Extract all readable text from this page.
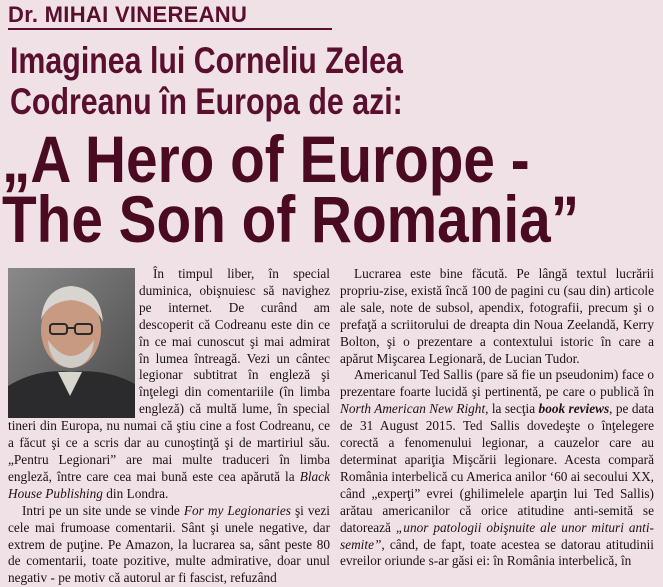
Dr. MIHAI VINEREANU
Imaginea lui Corneliu Zelea
Codreanu în Europa de azi:
„A Hero of Europe -
The Son of Romania”

În timpul liber, în special duminica, obişnuiesc să navighez pe internet. De curând am descoperit că Codreanu este din ce în ce mai cunoscut şi mai admirat în lumea întreagă. Vezi un cântec legionar subtitrat în engleză şi înţelegi din comentariile (în limba engleză) că multă lume, în special tineri din Europa, nu numai că ştiu cine a fost Codreanu, ce a făcut şi ce a scris dar au cunoştinţă şi de martiriul său. „Pentru Legionari” are mai multe traduceri în limba engleză, între care cea mai bună este cea apărută la Black House Publishing din Londra.

Intri pe un site unde se vinde For my Legionaries şi vezi cele mai frumoase comentarii. Sânt şi unele negative, dar extrem de puţine. Pe Amazon, la lucrarea sa, sânt peste 80 de comentarii, toate pozitive, multe admirative, doar unul negativ - pe motiv că autorul ar fi fascist, refuzând

Lucrarea este bine făcută. Pe lângă textul lucrării propriu-zise, există încă 100 de pagini cu (sau din) articole ale sale, note de subsol, apendix, fotografii, precum şi o prefaţă a scriitorului de dreapta din Noua Zeelandă, Kerry Bolton, şi o prezentare a contextului istoric în care a apărut Mişcarea Legionară, de Lucian Tudor.

Americanul Ted Sallis (pare să fie un pseudonim) face o prezentare foarte lucidă şi pertinentă, pe care o publică în North American New Right, la secţia book reviews, pe data de 31 August 2015. Ted Sallis dovedeşte o înţelegere corectă a fenomenului legionar, a cauzelor care au determinat apariţia Mişcării legionare. Acesta compară România interbelică cu America anilor ‘60 ai secoului XX, când „experţi” evrei (ghilimelele aparţin lui Ted Sallis) arătau americanilor că orice atitudine anti-semită se datorează „unor patologii obişnuite ale unor mituri anti-semite”, când, de fapt, toate acestea se datorau atitudinii evreilor oriunde s-ar găsi ei: în România interbelică, în
